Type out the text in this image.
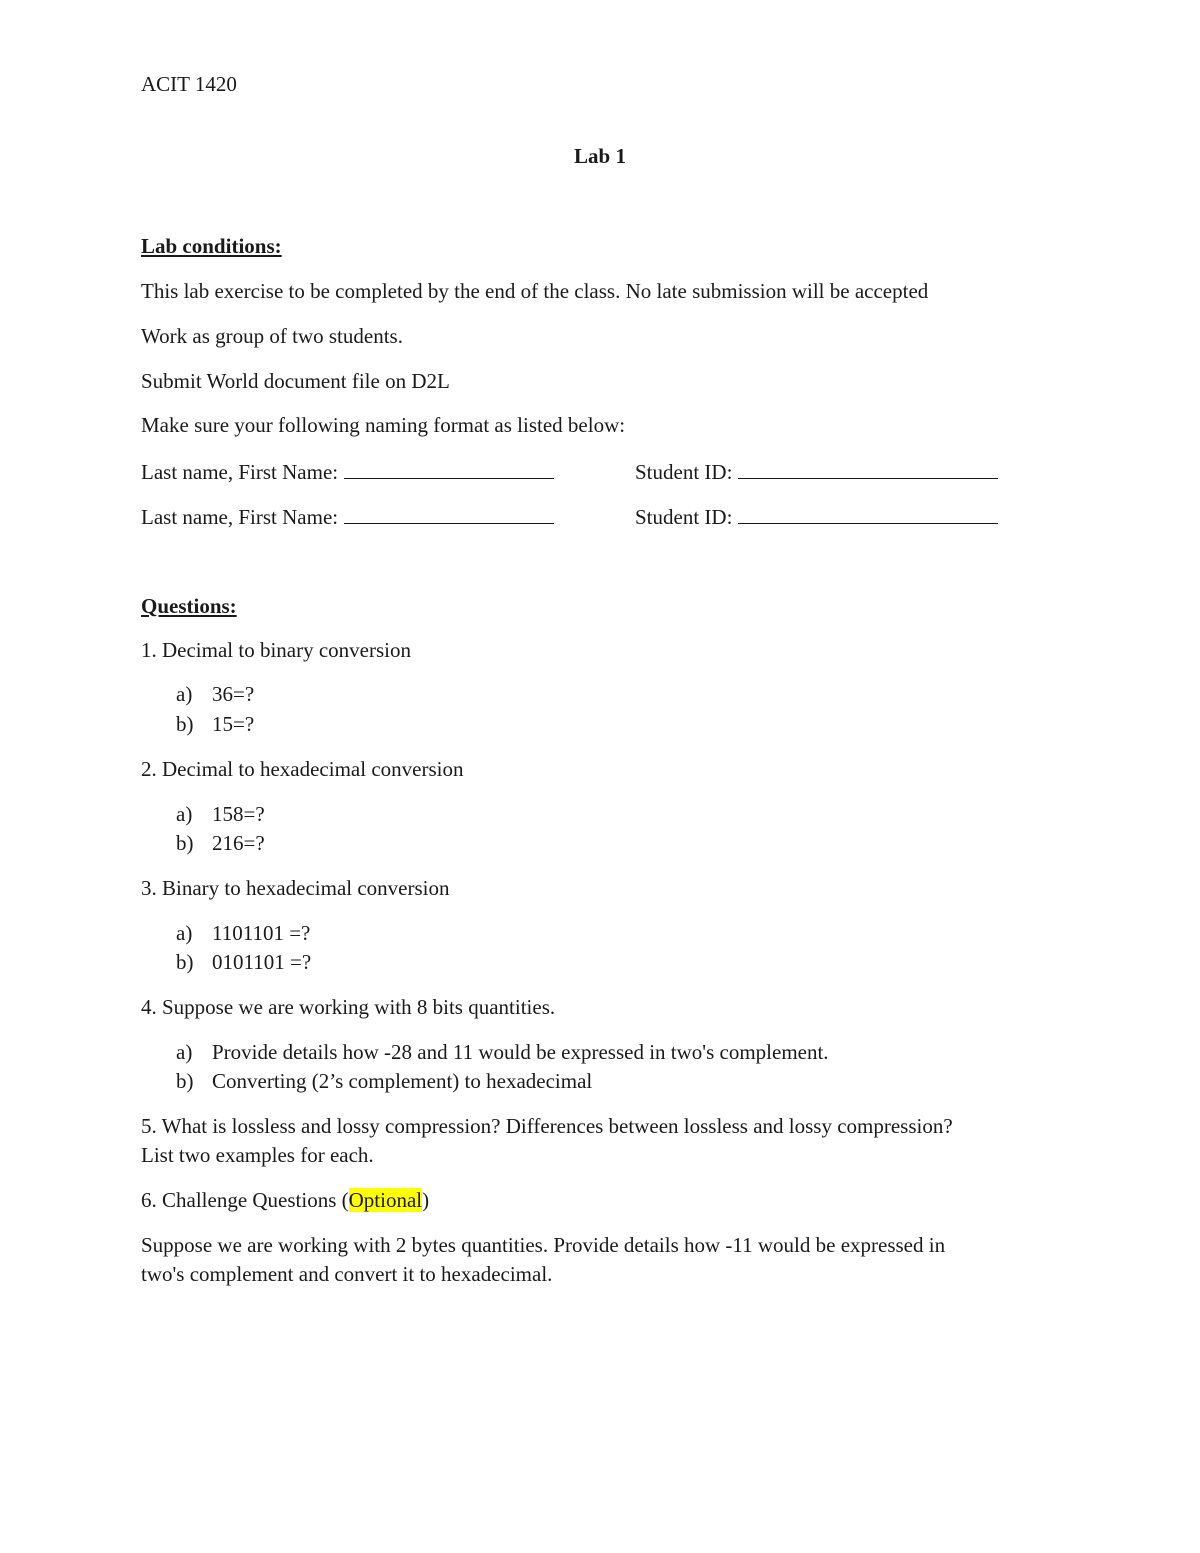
ACIT 1420
Lab 1
Lab conditions:
This lab exercise to be completed by the end of the class. No late submission will be accepted
Work as group of two students.
Submit World document file on D2L
Make sure your following naming format as listed below:
Last name, First Name:	Student ID:
Last name, First Name:	Student ID:
Questions:
1. Decimal to binary conversion
a) 36=?
b) 15=?
2. Decimal to hexadecimal conversion
a) 158=?
b) 216=?
3. Binary to hexadecimal conversion
a) 1101101 =?
b) 0101101 =?
4. Suppose we are working with 8 bits quantities.
a) Provide details how -28 and 11 would be expressed in two's complement.
b) Converting (2’s complement) to hexadecimal
5. What is lossless and lossy compression? Differences between lossless and lossy compression?
List two examples for each.
6. Challenge Questions (Optional)
Suppose we are working with 2 bytes quantities. Provide details how -11 would be expressed in
two's complement and convert it to hexadecimal.
